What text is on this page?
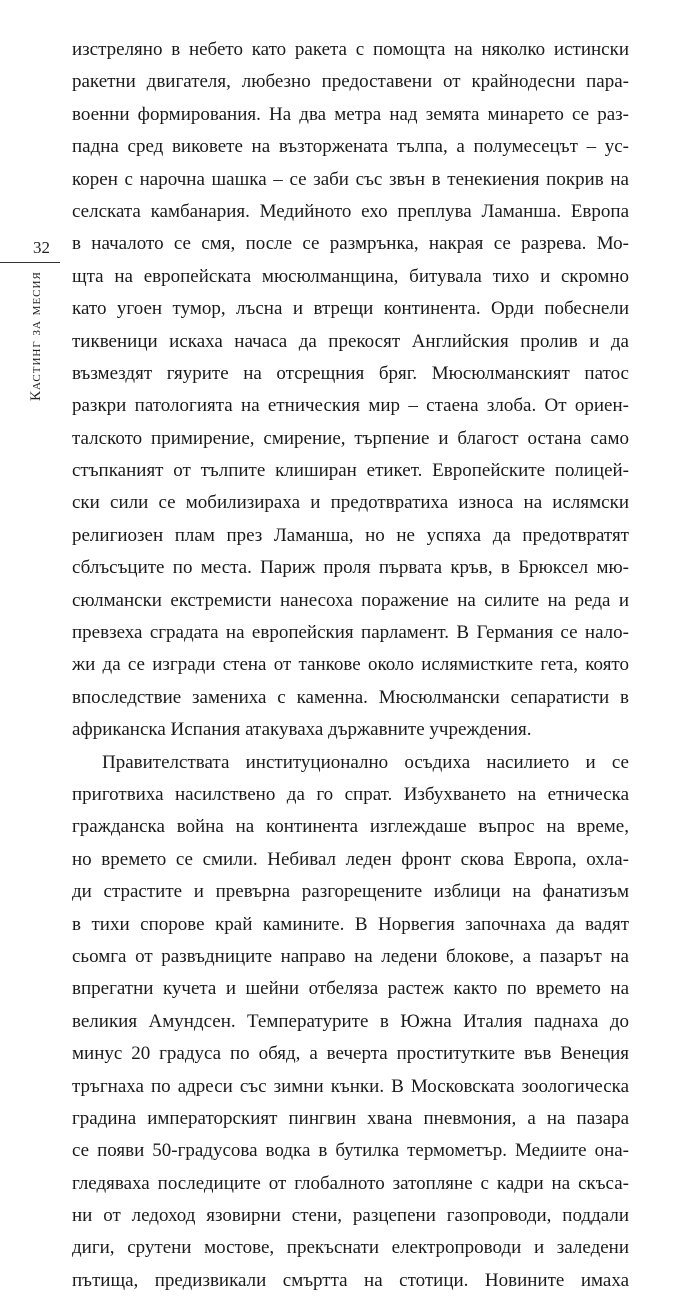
32
Кастинг за месия
изстреляно в небето като ракета с помощта на няколко истински
ракетни двигателя, любезно предоставени от крайнодесни пара-
военни формирования. На два метра над земята минарето се раз-
падна сред виковете на възторжената тълпа, а полумесецът – ус-
корен с нарочна шашка – се заби със звън в тенекиения покрив на
селската камбанария. Медийното ехо преплува Ламанша. Европа
в началото се смя, после се размрънка, накрая се разрева. Мо-
щта на европейската мюсюлманщина, битувала тихо и скромно
като угоен тумор, лъсна и втрещи континента. Орди побеснели
тиквеници искаха начаса да прекосят Английския пролив и да
възмездят гяурите на отсрещния бряг. Мюсюлманският патос
разкри патологията на етническия мир – стаена злоба. От ориен-
талското примирение, смирение, търпение и благост остана само
стъпканият от тълпите клиширан етикет. Европейските полицей-
ски сили се мобилизираха и предотвратиха износа на ислямски
религиозен плам през Ламанша, но не успяха да предотвратят
сблъсъците по места. Париж проля първата кръв, в Брюксел мю-
сюлмански екстремисти нанесоха поражение на силите на реда и
превзеха сградата на европейския парламент. В Германия се нало-
жи да се изгради стена от танкове около ислямистките гета, която
впоследствие замениха с каменна. Мюсюлмански сепаратисти в
африканска Испания атакуваха държавните учреждения.
Правителствата институционално осъдиха насилието и се
приготвиха насилствено да го спрат. Избухването на етническа
гражданска война на континента изглеждаше въпрос на време,
но времето се смили. Небивал леден фронт скова Европа, охла-
ди страстите и превърна разгорещените изблици на фанатизъм
в тихи спорове край камините. В Норвегия започнаха да вадят
сьомга от развъдниците направо на ледени блокове, а пазарът на
впрегатни кучета и шейни отбеляза растеж както по времето на
великия Амундсен. Температурите в Южна Италия паднаха до
минус 20 градуса по обяд, а вечерта проститутките във Венеция
тръгнаха по адреси със зимни кънки. В Московската зоологическа
градина императорският пингвин хвана пневмония, а на пазара
се появи 50-градусова водка в бутилка термометър. Медиите она-
гледяваха последиците от глобалното затопляне с кадри на скъса-
ни от ледоход язовирни стени, разцепени газопроводи, поддали
диги, срутени мостове, прекъснати електропроводи и заледени
пътища, предизвикали смъртта на стотици. Новините имаха
